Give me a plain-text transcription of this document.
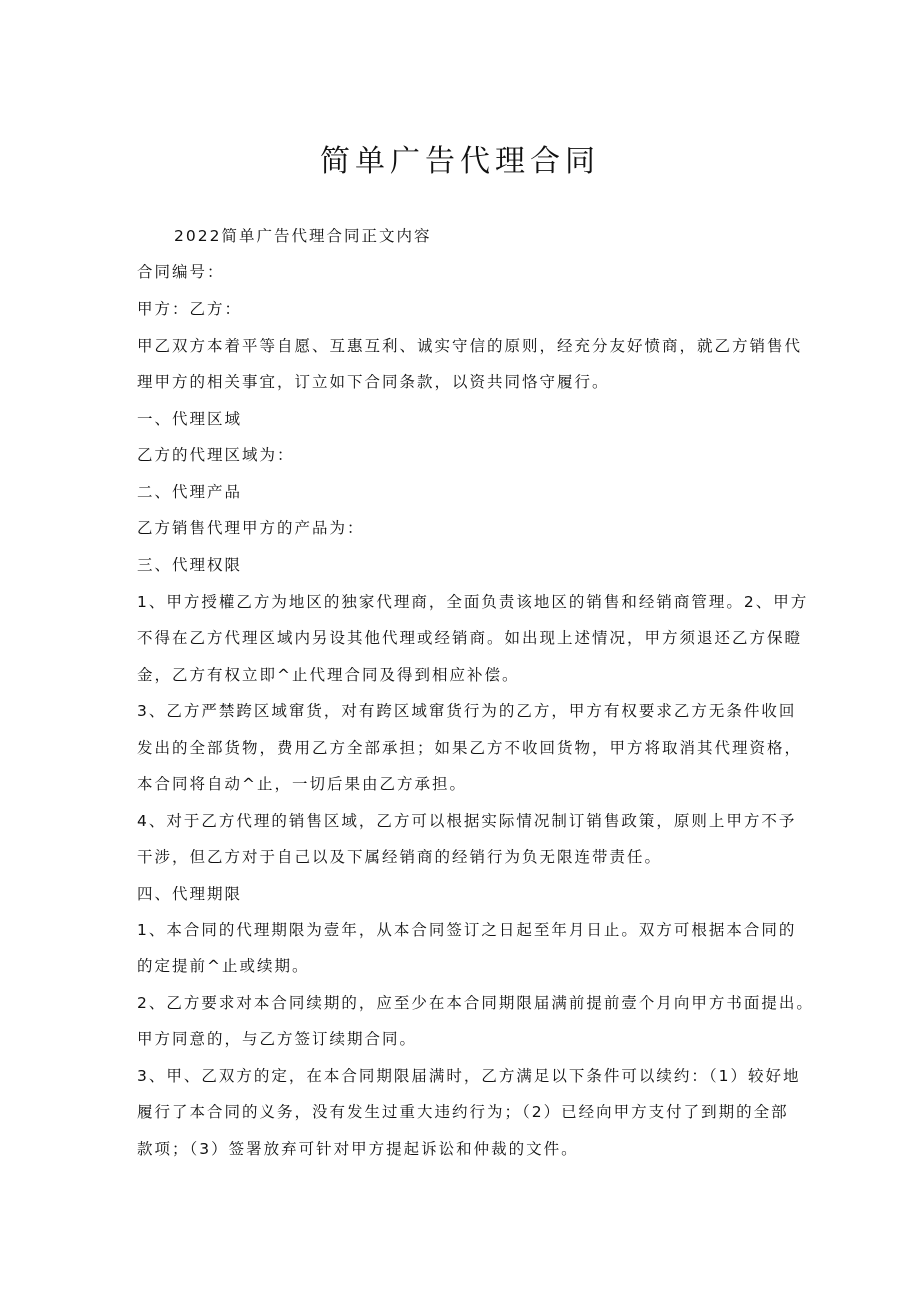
简单广告代理合同
2022简单广告代理合同正文内容
合同编号：
甲方：乙方：
甲乙双方本着平等自愿、互惠互利、诚实守信的原则，经充分友好愤商，就乙方销售代
理甲方的相关事宜，订立如下合同条款，以资共同恪守履行。
一、代理区域
乙方的代理区域为：
二、代理产品
乙方销售代理甲方的产品为：
三、代理权限
1、甲方授權乙方为地区的独家代理商，全面负责该地区的销售和经销商管理。2、甲方
不得在乙方代理区域内另设其他代理或经销商。如出现上述情况，甲方须退还乙方保瞪
金，乙方有权立即^止代理合同及得到相应补偿。
3、乙方严禁跨区域窜货，对有跨区域窜货行为的乙方，甲方有权要求乙方无条件收回
发出的全部货物，费用乙方全部承担；如果乙方不收回货物，甲方将取消其代理资格，
本合同将自动^止，一切后果由乙方承担。
4、对于乙方代理的销售区域，乙方可以根据实际情况制订销售政策，原则上甲方不予
干涉，但乙方对于自己以及下属经销商的经销行为负无限连带责任。
四、代理期限
1、本合同的代理期限为壹年，从本合同签订之日起至年月日止。双方可根据本合同的
的定提前^止或续期。
2、乙方要求对本合同续期的，应至少在本合同期限届满前提前壹个月向甲方书面提出。
甲方同意的，与乙方签订续期合同。
3、甲、乙双方的定，在本合同期限届满时，乙方满足以下条件可以续约：（1）较好地
履行了本合同的义务，没有发生过重大违约行为；（2）已经向甲方支付了到期的全部
款项；（3）签署放弃可针对甲方提起诉讼和仲裁的文件。
